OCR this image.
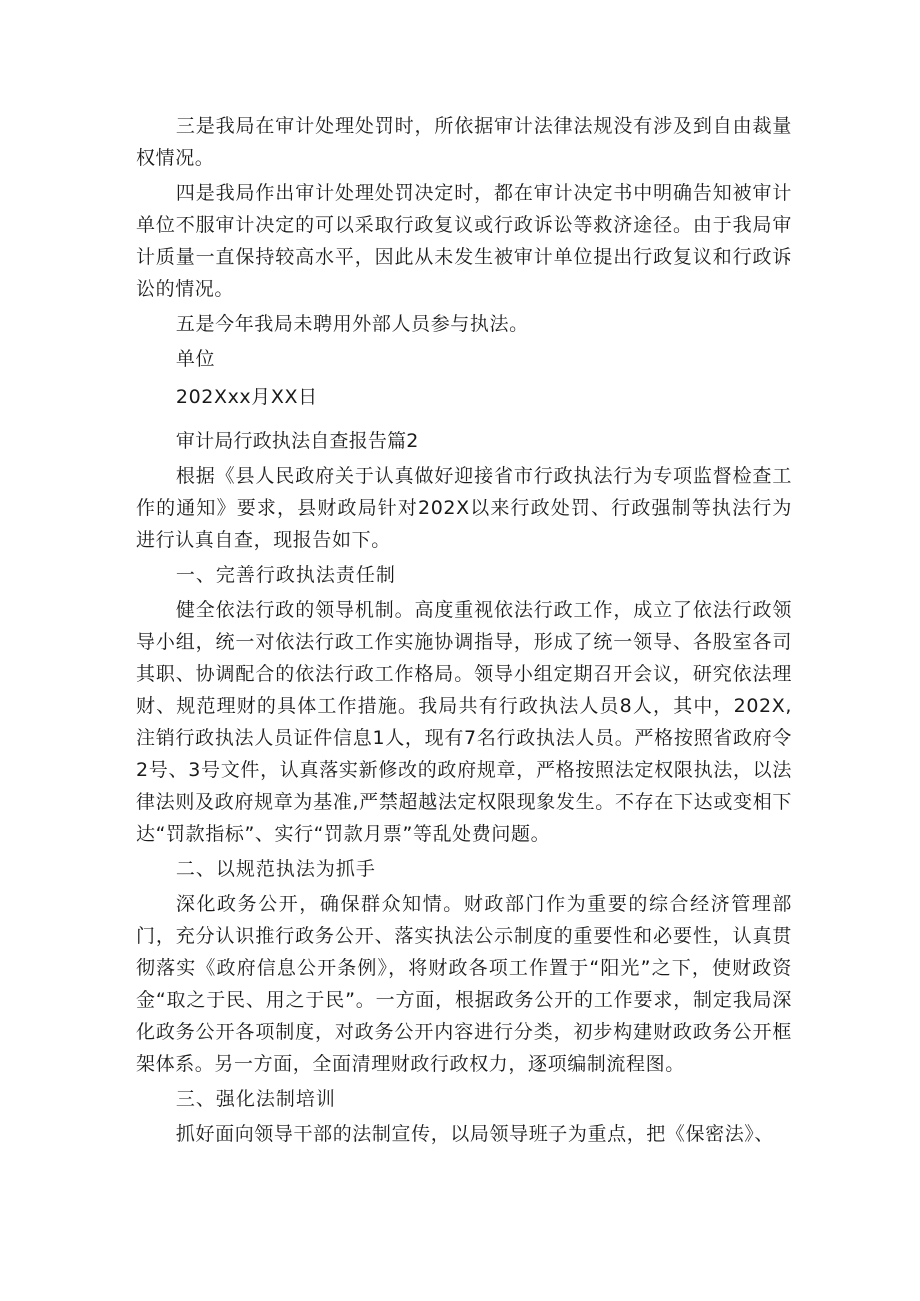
三是我局在审计处理处罚时，所依据审计法律法规没有涉及到自由裁量权情况。

四是我局作出审计处理处罚决定时，都在审计决定书中明确告知被审计单位不服审计决定的可以采取行政复议或行政诉讼等救济途径。由于我局审计质量一直保持较高水平，因此从未发生被审计单位提出行政复议和行政诉讼的情况。

五是今年我局未聘用外部人员参与执法。

单位

202Xxx月XX日

审计局行政执法自查报告篇2

根据《县人民政府关于认真做好迎接省市行政执法行为专项监督检查工作的通知》要求，县财政局针对202X以来行政处罚、行政强制等执法行为进行认真自查，现报告如下。

一、完善行政执法责任制

健全依法行政的领导机制。高度重视依法行政工作，成立了依法行政领导小组，统一对依法行政工作实施协调指导，形成了统一领导、各股室各司其职、协调配合的依法行政工作格局。领导小组定期召开会议，研究依法理财、规范理财的具体工作措施。我局共有行政执法人员8人，其中，202X,注销行政执法人员证件信息1人，现有7名行政执法人员。严格按照省政府令2号、3号文件，认真落实新修改的政府规章，严格按照法定权限执法，以法律法则及政府规章为基准,严禁超越法定权限现象发生。不存在下达或变相下达“罚款指标”、实行“罚款月票”等乱处费问题。

二、以规范执法为抓手

深化政务公开，确保群众知情。财政部门作为重要的综合经济管理部门，充分认识推行政务公开、落实执法公示制度的重要性和必要性，认真贯彻落实《政府信息公开条例》，将财政各项工作置于“阳光”之下，使财政资金“取之于民、用之于民”。一方面，根据政务公开的工作要求，制定我局深化政务公开各项制度，对政务公开内容进行分类，初步构建财政政务公开框架体系。另一方面，全面清理财政行政权力，逐项编制流程图。

三、强化法制培训

抓好面向领导干部的法制宣传，以局领导班子为重点，把《保密法》、
